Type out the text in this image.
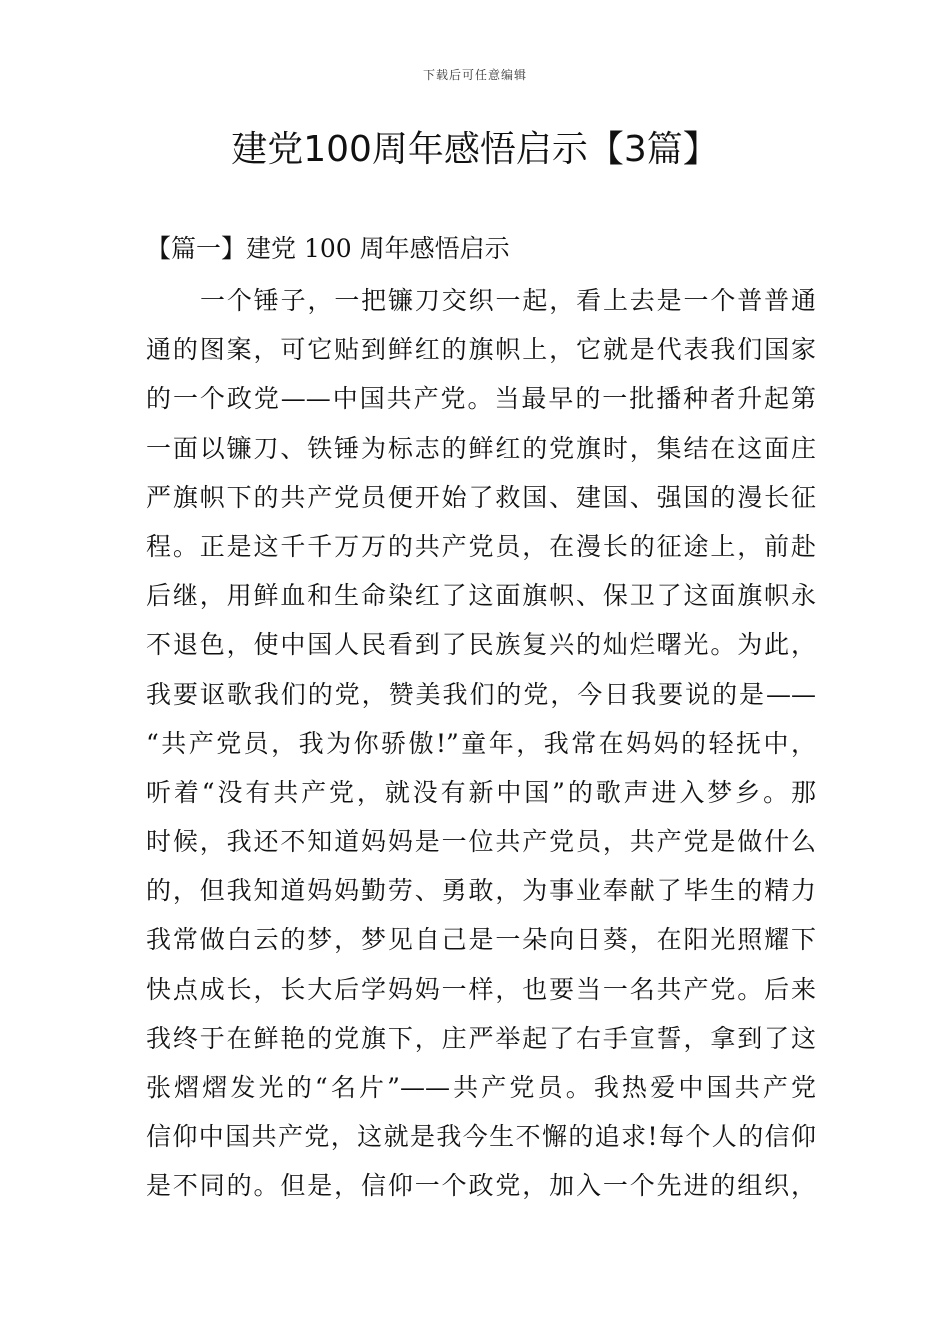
下载后可任意编辑
建党100周年感悟启示【3篇】
【篇一】建党 100 周年感悟启示
一个锤子，一把镰刀交织一起，看上去是一个普普通
通的图案，可它贴到鲜红的旗帜上，它就是代表我们国家
的一个政党——中国共产党。当最早的一批播种者升起第
一面以镰刀、铁锤为标志的鲜红的党旗时，集结在这面庄
严旗帜下的共产党员便开始了救国、建国、强国的漫长征
程。正是这千千万万的共产党员，在漫长的征途上，前赴
后继，用鲜血和生命染红了这面旗帜、保卫了这面旗帜永
不退色，使中国人民看到了民族复兴的灿烂曙光。为此，
我要讴歌我们的党，赞美我们的党，今日我要说的是——
“共产党员，我为你骄傲!”童年，我常在妈妈的轻抚中，
听着“没有共产党，就没有新中国”的歌声进入梦乡。那
时候，我还不知道妈妈是一位共产党员，共产党是做什么
的，但我知道妈妈勤劳、勇敢，为事业奉献了毕生的精力
我常做白云的梦，梦见自己是一朵向日葵，在阳光照耀下
快点成长，长大后学妈妈一样，也要当一名共产党。后来
我终于在鲜艳的党旗下，庄严举起了右手宣誓，拿到了这
张熠熠发光的“名片”——共产党员。我热爱中国共产党
信仰中国共产党，这就是我今生不懈的追求!每个人的信仰
是不同的。但是，信仰一个政党，加入一个先进的组织，
